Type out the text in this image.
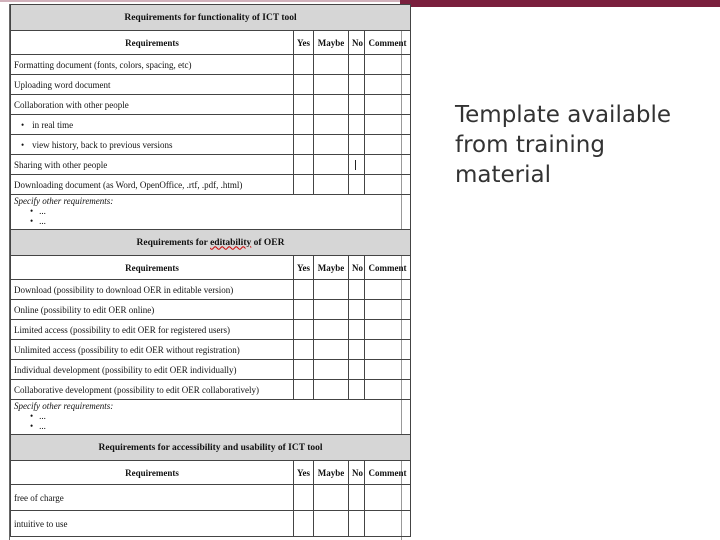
Requirements for functionality of ICT tool				
Requirements	Yes	Maybe	No	Comment
Formatting document (fonts, colors, spacing, etc)				
Uploading word document				
Collaboration with other people				
• in real time				
• view history, back to previous versions				
Sharing with other people				
Downloading document (as Word, OpenOffice, .rtf, .pdf, .html)				

Specify other requirements:
• ...
• ...

Requirements for editability of OER				
Requirements	Yes	Maybe	No	Comment
Download (possibility to download OER in editable version)				
Online (possibility to edit OER online)				
Limited access (possibility to edit OER for registered users)				
Unlimited access (possibility to edit OER without registration)				
Individual development (possibility to edit OER individually)				
Collaborative development (possibility to edit OER collaboratively)				

Specify other requirements:
• ...
• ...

Requirements for accessibility and usability of ICT tool				
Requirements	Yes	Maybe	No	Comment
free of charge				
intuitive to use				
Template available from training material
